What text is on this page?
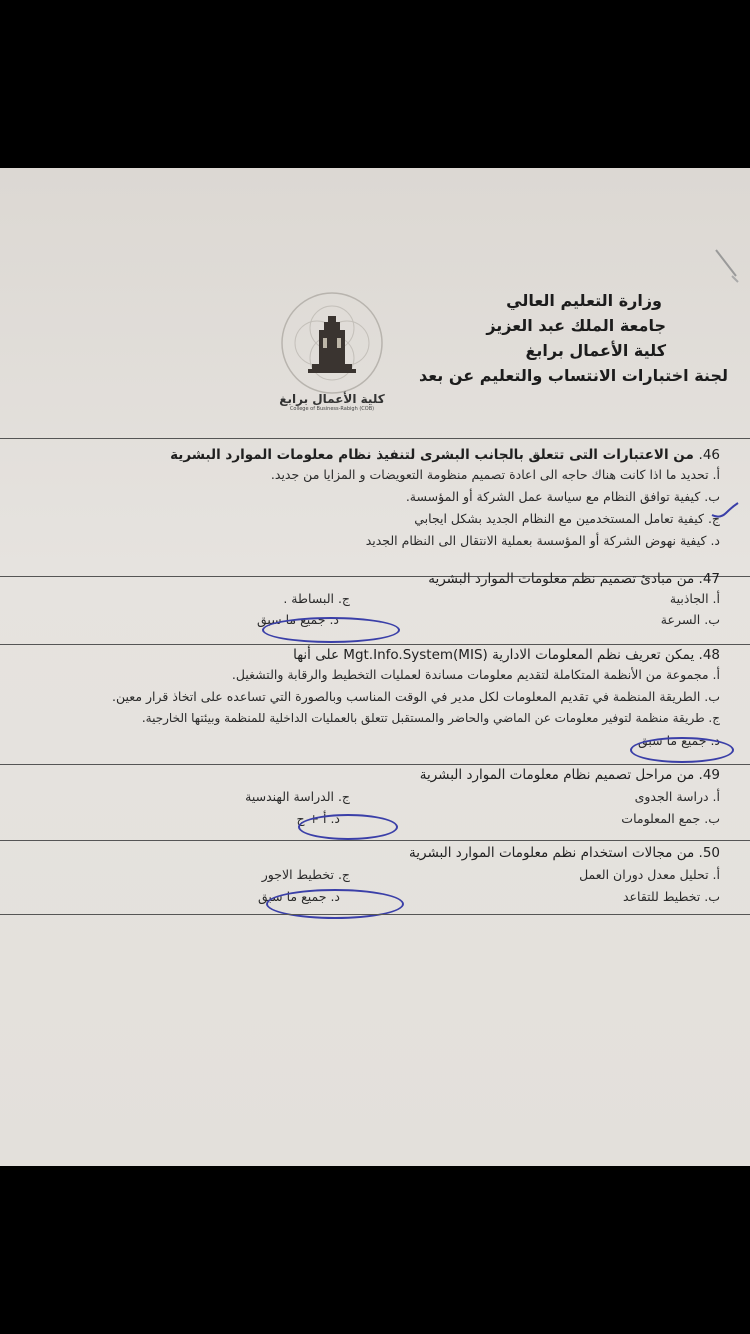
وزارة التعليم العالي
جامعة الملك عبد العزيز
كلية الأعمال برابغ
لجنة اختبارات الانتساب والتعليم عن بعد
كلية الأعمال برابغ
College of Business-Rabigh (COB)
46. من الاعتبارات التى تتعلق بالجانب البشرى لتنفيذ نظام معلومات الموارد البشرية
أ. تحديد ما اذا كانت هناك حاجه الى اعادة تصميم منظومة التعويضات و المزايا من جديد.
ب. كيفية توافق النظام مع سياسة عمل الشركة أو المؤسسة.
ج. كيفية تعامل المستخدمين مع النظام الجديد بشكل ايجابي
د. كيفية نهوض الشركة أو المؤسسة بعملية الانتقال الى النظام الجديد
47. من مبادئ تصميم نظم معلومات الموارد البشريه
أ. الجاذبية
ج. البساطة .
ب. السرعة
د. جميع ما سبق
48. يمكن تعريف نظم المعلومات الادارية Mgt.Info.System(MIS) على أنها
أ. مجموعة من الأنظمة المتكاملة لتقديم معلومات مساندة لعمليات التخطيط والرقابة والتشغيل.
ب. الطريقة المنظمة في تقديم المعلومات لكل مدير في الوقت المناسب وبالصورة التي تساعده على اتخاذ قرار معين.
ج. طريقة منظمة لتوفير معلومات عن الماضي والحاضر والمستقبل تتعلق بالعمليات الداخلية للمنظمة وبيئتها الخارجية.
د. جميع ما سبق
49. من مراحل تصميم نظام معلومات الموارد البشرية
أ. دراسة الجدوى
ج. الدراسة الهندسية
ب. جمع المعلومات
د. أ + ج
50. من مجالات استخدام نظم معلومات الموارد البشرية
أ. تحليل معدل دوران العمل
ج. تخطيط الاجور
ب. تخطيط للتقاعد
د. جميع ما سبق
